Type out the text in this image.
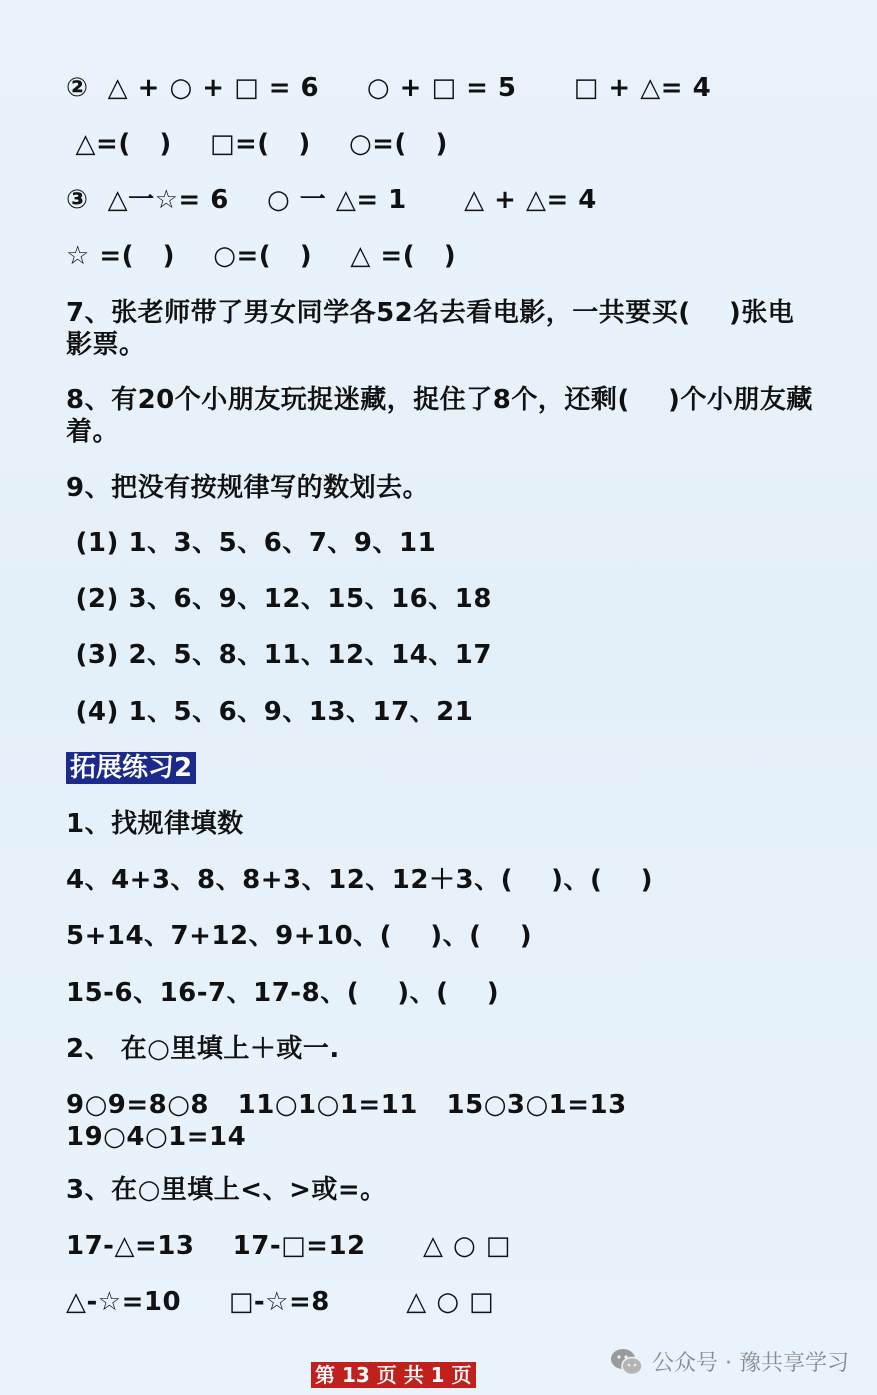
②  △ + ○ + □ = 6     ○ + □ = 5      □ + △= 4
△=(   )    □=(   )    ○=(   )
③  △一☆= 6    ○ 一 △= 1      △ + △= 4
☆ =(   )    ○=(   )    △ =(   )
7、张老师带了男女同学各52名去看电影，一共要买(    )张电影票。
8、有20个小朋友玩捉迷藏，捉住了8个，还剩(    )个小朋友藏着。
9、把没有按规律写的数划去。
(1) 1、3、5、6、7、9、11
(2) 3、6、9、12、15、16、18
(3) 2、5、8、11、12、14、17
(4) 1、5、6、9、13、17、21
拓展练习2
1、找规律填数
4、4+3、8、8+3、12、12＋3、(    )、(    )
5+14、7+12、9+10、(    )、(    )
15-6、16-7、17-8、(    )、(    )
2、 在○里填上＋或一.
9○9=8○8   11○1○1=11   15○3○1=13   19○4○1=14
3、在○里填上<、>或=。
17-△=13    17-□=12      △ ○ □
△-☆=10     □-☆=8        △ ○ □
第 13 页 共 1 页	公众号 · 豫共享学习
